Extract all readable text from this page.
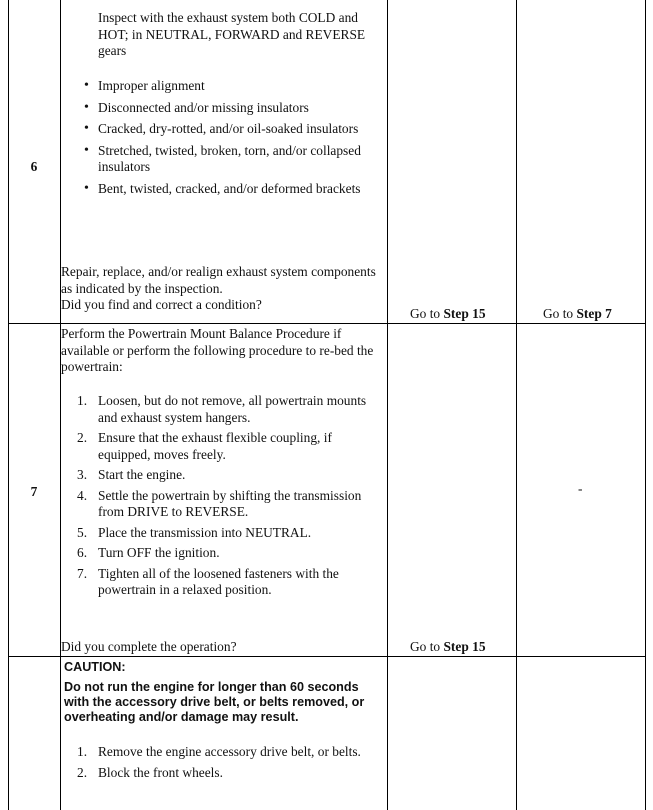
6
Inspect with the exhaust system both COLD and HOT; in NEUTRAL, FORWARD and REVERSE gears
• Improper alignment
• Disconnected and/or missing insulators
• Cracked, dry-rotted, and/or oil-soaked insulators
• Stretched, twisted, broken, torn, and/or collapsed insulators
• Bent, twisted, cracked, and/or deformed brackets
Repair, replace, and/or realign exhaust system components as indicated by the inspection.
Did you find and correct a condition?
Go to Step 15	Go to Step 7
7
Perform the Powertrain Mount Balance Procedure if available or perform the following procedure to re-bed the powertrain:
1. Loosen, but do not remove, all powertrain mounts and exhaust system hangers.
2. Ensure that the exhaust flexible coupling, if equipped, moves freely.
3. Start the engine.
4. Settle the powertrain by shifting the transmission from DRIVE to REVERSE.
5. Place the transmission into NEUTRAL.
6. Turn OFF the ignition.
7. Tighten all of the loosened fasteners with the powertrain in a relaxed position.
Did you complete the operation?	Go to Step 15
-
CAUTION:
Do not run the engine for longer than 60 seconds with the accessory drive belt, or belts removed, or overheating and/or damage may result.
1. Remove the engine accessory drive belt, or belts.
2. Block the front wheels.
